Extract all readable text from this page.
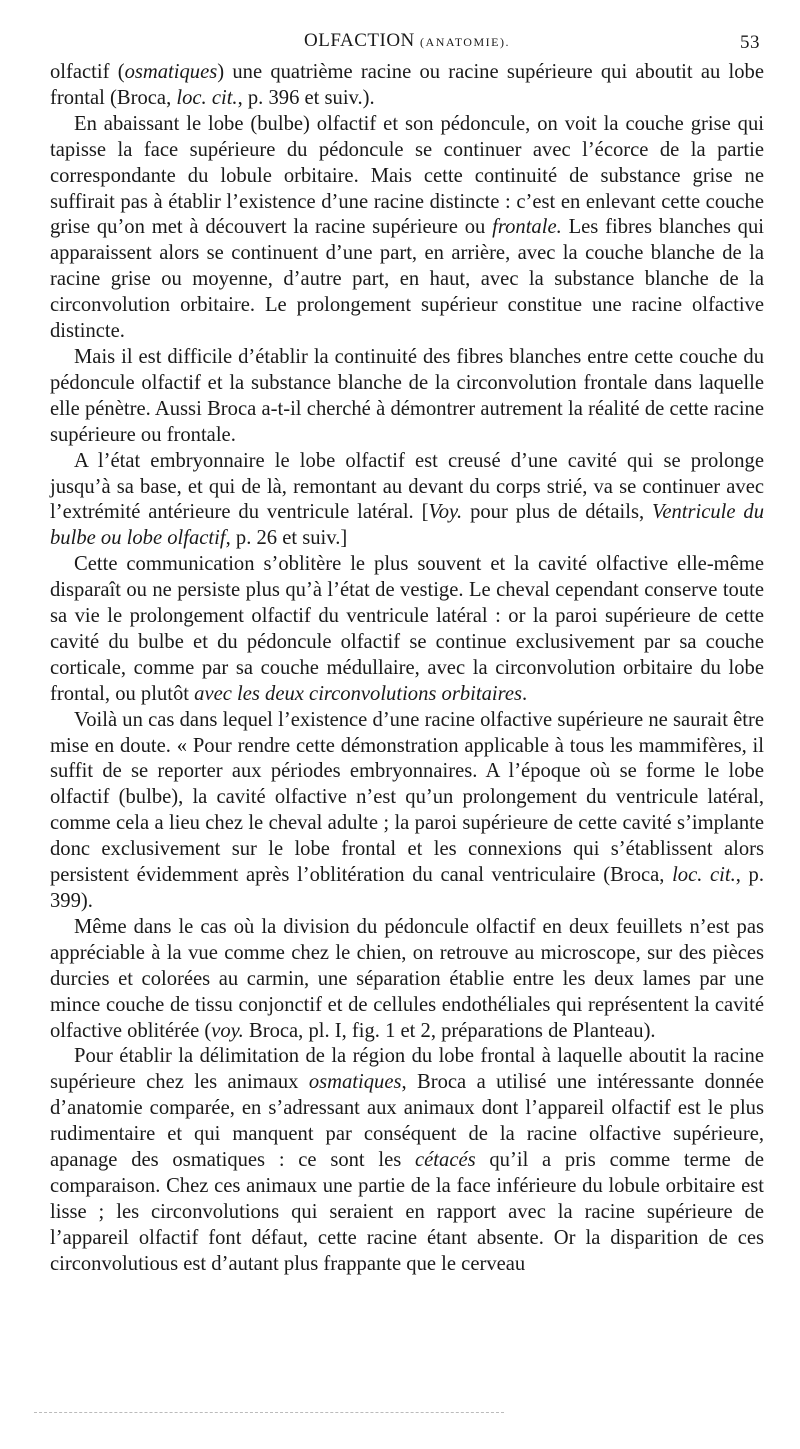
OLFACTION (ANATOMIE).	53

olfactif (osmatiques) une quatrième racine ou racine supérieure qui aboutit au lobe frontal (Broca, loc. cit., p. 396 et suiv.).

En abaissant le lobe (bulbe) olfactif et son pédoncule, on voit la couche grise qui tapisse la face supérieure du pédoncule se continuer avec l’écorce de la partie correspondante du lobule orbitaire. Mais cette continuité de substance grise ne suffirait pas à établir l’existence d’une racine distincte : c’est en enlevant cette couche grise qu’on met à découvert la racine supérieure ou frontale. Les fibres blanches qui apparaissent alors se continuent d’une part, en arrière, avec la couche blanche de la racine grise ou moyenne, d’autre part, en haut, avec la substance blanche de la circonvolution orbitaire. Le prolongement supérieur constitue une racine olfactive distincte.

Mais il est difficile d’établir la continuité des fibres blanches entre cette couche du pédoncule olfactif et la substance blanche de la circonvolution frontale dans laquelle elle pénètre. Aussi Broca a-t-il cherché à démontrer autrement la réalité de cette racine supérieure ou frontale.

A l’état embryonnaire le lobe olfactif est creusé d’une cavité qui se prolonge jusqu’à sa base, et qui de là, remontant au devant du corps strié, va se continuer avec l’extrémité antérieure du ventricule latéral. [Voy. pour plus de détails, Ventricule du bulbe ou lobe olfactif, p. 26 et suiv.]

Cette communication s’oblitère le plus souvent et la cavité olfactive elle-même disparaît ou ne persiste plus qu’à l’état de vestige. Le cheval cependant conserve toute sa vie le prolongement olfactif du ventricule latéral : or la paroi supérieure de cette cavité du bulbe et du pédoncule olfactif se continue exclusivement par sa couche corticale, comme par sa couche médullaire, avec la circonvolution orbitaire du lobe frontal, ou plutôt avec les deux circonvolutions orbitaires.

Voilà un cas dans lequel l’existence d’une racine olfactive supérieure ne saurait être mise en doute. « Pour rendre cette démonstration applicable à tous les mammifères, il suffit de se reporter aux périodes embryonnaires. A l’époque où se forme le lobe olfactif (bulbe), la cavité olfactive n’est qu’un prolongement du ventricule latéral, comme cela a lieu chez le cheval adulte ; la paroi supérieure de cette cavité s’implante donc exclusivement sur le lobe frontal et les connexions qui s’établissent alors persistent évidemment après l’oblitération du canal ventriculaire (Broca, loc. cit., p. 399).

Même dans le cas où la division du pédoncule olfactif en deux feuillets n’est pas appréciable à la vue comme chez le chien, on retrouve au microscope, sur des pièces durcies et colorées au carmin, une séparation établie entre les deux lames par une mince couche de tissu conjonctif et de cellules endothéliales qui représentent la cavité olfactive oblitérée (voy. Broca, pl. I, fig. 1 et 2, préparations de Planteau).

Pour établir la délimitation de la région du lobe frontal à laquelle aboutit la racine supérieure chez les animaux osmatiques, Broca a utilisé une intéressante donnée d’anatomie comparée, en s’adressant aux animaux dont l’appareil olfactif est le plus rudimentaire et qui manquent par conséquent de la racine olfactive supérieure, apanage des osmatiques : ce sont les cétacés qu’il a pris comme terme de comparaison. Chez ces animaux une partie de la face inférieure du lobule orbitaire est lisse ; les circonvolutions qui seraient en rapport avec la racine supérieure de l’appareil olfactif font défaut, cette racine étant absente. Or la disparition de ces circonvolutious est d’autant plus frappante que le cerveau
